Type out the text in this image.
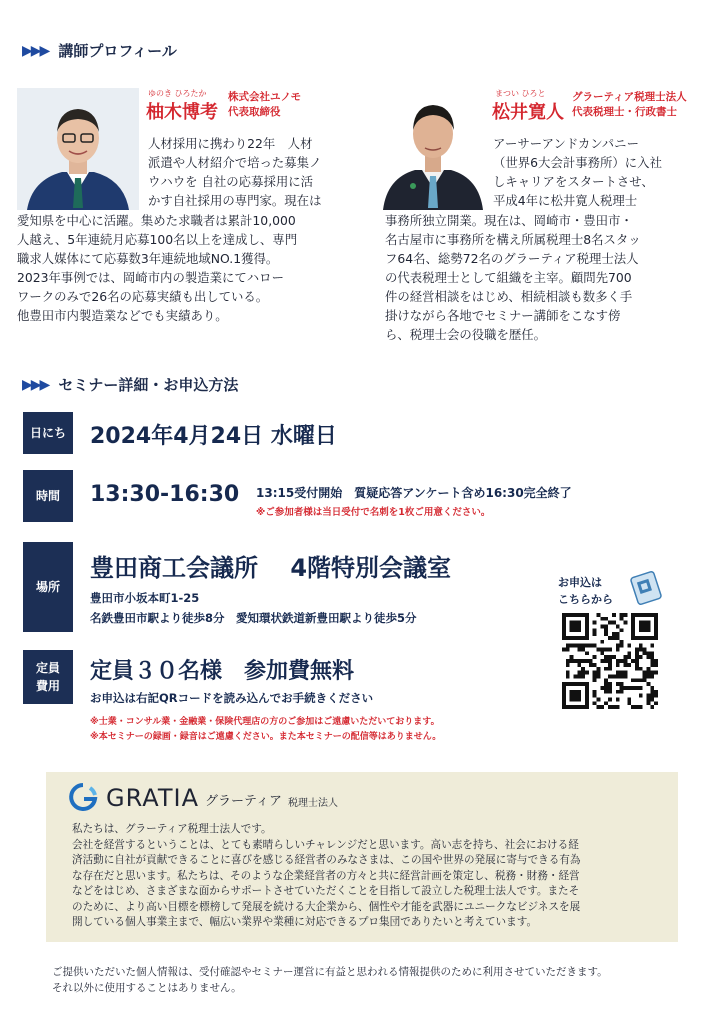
▶▶▶ 講師プロフィール
ゆのき ひろたか
柚木博考
株式会社ユノモ
代表取締役
人材採用に携わり22年　人材
派遣や人材紹介で培った募集ノ
ウハウを 自社の応募採用に活
かす自社採用の専門家。現在は
愛知県を中心に活躍。集めた求職者は累計10,000
人越え、5年連続月応募100名以上を達成し、専門
職求人媒体にて応募数3年連続地域NO.1獲得。
2023年事例では、岡崎市内の製造業にてハロー
ワークのみで26名の応募実績も出している。
他豊田市内製造業などでも実績あり。
まつい ひろと
松井寛人
グラーティア税理士法人
代表税理士・行政書士
アーサーアンドカンパニー
（世界6大会計事務所）に入社
しキャリアをスタートさせ、
平成4年に松井寛人税理士
事務所独立開業。現在は、岡崎市・豊田市・
名古屋市に事務所を構え所属税理士8名スタッ
フ64名、総勢72名のグラーティア税理士法人
の代表税理士として組織を主宰。顧問先700
件の経営相談をはじめ、相続相談も数多く手
掛けながら各地でセミナー講師をこなす傍
ら、税理士会の役職を歴任。
▶▶▶ セミナー詳細・お申込方法
日にち	2024年4月24日 水曜日
時間	13:30-16:30 13:15受付開始　質疑応答アンケート含め16:30完全終了
※ご参加者様は当日受付で名刺を1枚ご用意ください。
場所
豊田商工会議所　 4階特別会議室
豊田市小坂本町1-25
名鉄豊田市駅より徒歩8分　愛知環状鉄道新豊田駅より徒歩5分
定員
費用
定員３０名様　参加費無料
お申込は右記QRコードを読み込んでお手続きください
※士業・コンサル業・金融業・保険代理店の方のご参加はご遠慮いただいております。
※本セミナーの録画・録音はご遠慮ください。また本セミナーの配信等はありません。
お申込は
こちらから
GRATIA グラーティア 税理士法人
私たちは、グラーティア税理士法人です。
会社を経営するということは、とても素晴らしいチャレンジだと思います。高い志を持ち、社会における経
済活動に自社が貢献できることに喜びを感じる経営者のみなさまは、この国や世界の発展に寄与できる有為
な存在だと思います。私たちは、そのような企業経営者の方々と共に経営計画を策定し、税務・財務・経営
などをはじめ、さまざまな面からサポートさせていただくことを目指して設立した税理士法人です。またそ
のために、より高い目標を標榜して発展を続ける大企業から、個性や才能を武器にユニークなビジネスを展
開している個人事業主まで、幅広い業界や業種に対応できるプロ集団でありたいと考えています。
ご提供いただいた個人情報は、受付確認やセミナー運営に有益と思われる情報提供のために利用させていただきます。
それ以外に使用することはありません。
